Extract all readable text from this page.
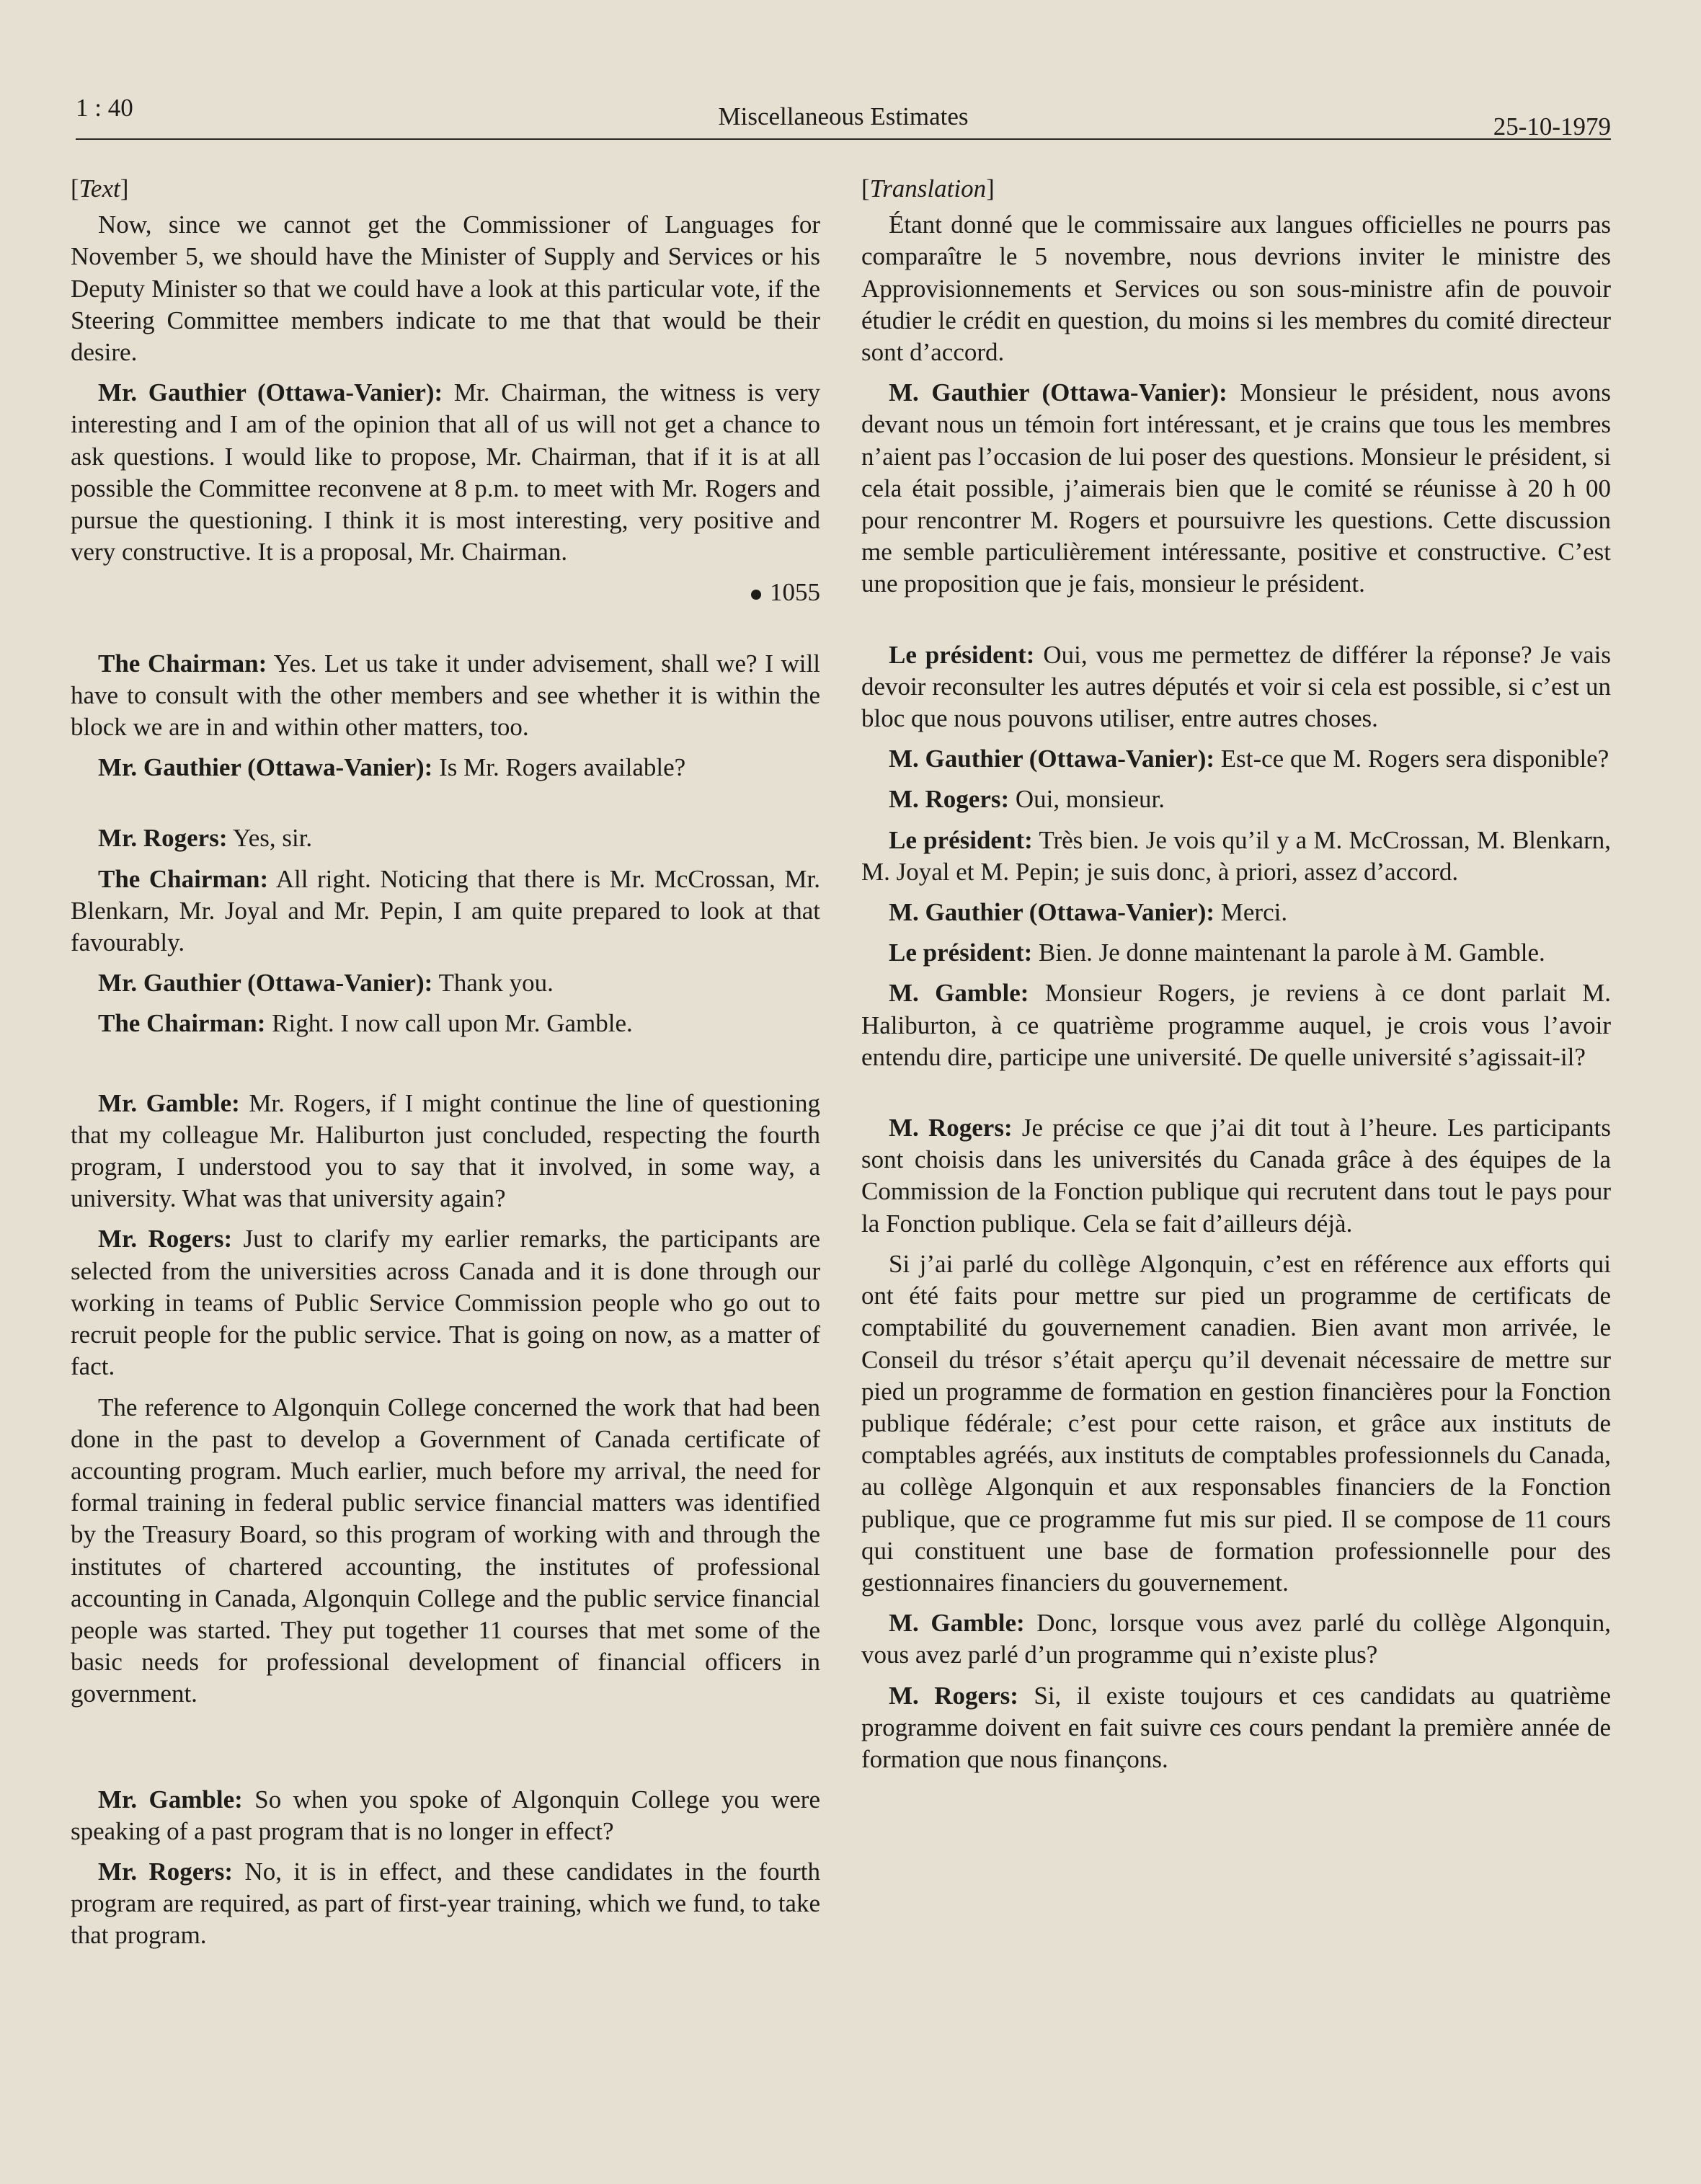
1 : 40	Miscellaneous Estimates	25-10-1979
[Text]

Now, since we cannot get the Commissioner of Languages for November 5, we should have the Minister of Supply and Services or his Deputy Minister so that we could have a look at this particular vote, if the Steering Committee members indicate to me that that would be their desire.

Mr. Gauthier (Ottawa-Vanier): Mr. Chairman, the witness is very interesting and I am of the opinion that all of us will not get a chance to ask questions. I would like to propose, Mr. Chairman, that if it is at all possible the Committee reconvene at 8 p.m. to meet with Mr. Rogers and pursue the questioning. I think it is most interesting, very positive and very constructive. It is a proposal, Mr. Chairman.

1055

The Chairman: Yes. Let us take it under advisement, shall we? I will have to consult with the other members and see whether it is within the block we are in and within other matters, too.

Mr. Gauthier (Ottawa-Vanier): Is Mr. Rogers available?

Mr. Rogers: Yes, sir.

The Chairman: All right. Noticing that there is Mr. McCrossan, Mr. Blenkarn, Mr. Joyal and Mr. Pepin, I am quite prepared to look at that favourably.

Mr. Gauthier (Ottawa-Vanier): Thank you.

The Chairman: Right. I now call upon Mr. Gamble.

Mr. Gamble: Mr. Rogers, if I might continue the line of questioning that my colleague Mr. Haliburton just concluded, respecting the fourth program, I understood you to say that it involved, in some way, a university. What was that university again?

Mr. Rogers: Just to clarify my earlier remarks, the participants are selected from the universities across Canada and it is done through our working in teams of Public Service Commission people who go out to recruit people for the public service. That is going on now, as a matter of fact.

The reference to Algonquin College concerned the work that had been done in the past to develop a Government of Canada certificate of accounting program. Much earlier, much before my arrival, the need for formal training in federal public service financial matters was identified by the Treasury Board, so this program of working with and through the institutes of chartered accounting, the institutes of professional accounting in Canada, Algonquin College and the public service financial people was started. They put together 11 courses that met some of the basic needs for professional development of financial officers in government.

Mr. Gamble: So when you spoke of Algonquin College you were speaking of a past program that is no longer in effect?

Mr. Rogers: No, it is in effect, and these candidates in the fourth program are required, as part of first-year training, which we fund, to take that program.

[Translation]

Étant donné que le commissaire aux langues officielles ne pourrs pas comparaître le 5 novembre, nous devrions inviter le ministre des Approvisionnements et Services ou son sous-ministre afin de pouvoir étudier le crédit en question, du moins si les membres du comité directeur sont d’accord.

M. Gauthier (Ottawa-Vanier): Monsieur le président, nous avons devant nous un témoin fort intéressant, et je crains que tous les membres n’aient pas l’occasion de lui poser des questions. Monsieur le président, si cela était possible, j’aimerais bien que le comité se réunisse à 20 h 00 pour rencontrer M. Rogers et poursuivre les questions. Cette discussion me semble particulièrement intéressante, positive et constructive. C’est une proposition que je fais, monsieur le président.

Le président: Oui, vous me permettez de différer la réponse? Je vais devoir reconsulter les autres députés et voir si cela est possible, si c’est un bloc que nous pouvons utiliser, entre autres choses.

M. Gauthier (Ottawa-Vanier): Est-ce que M. Rogers sera disponible?

M. Rogers: Oui, monsieur.

Le président: Très bien. Je vois qu’il y a M. McCrossan, M. Blenkarn, M. Joyal et M. Pepin; je suis donc, à priori, assez d’accord.

M. Gauthier (Ottawa-Vanier): Merci.

Le président: Bien. Je donne maintenant la parole à M. Gamble.

M. Gamble: Monsieur Rogers, je reviens à ce dont parlait M. Haliburton, à ce quatrième programme auquel, je crois vous l’avoir entendu dire, participe une université. De quelle université s’agissait-il?

M. Rogers: Je précise ce que j’ai dit tout à l’heure. Les participants sont choisis dans les universités du Canada grâce à des équipes de la Commission de la Fonction publique qui recrutent dans tout le pays pour la Fonction publique. Cela se fait d’ailleurs déjà.

Si j’ai parlé du collège Algonquin, c’est en référence aux efforts qui ont été faits pour mettre sur pied un programme de certificats de comptabilité du gouvernement canadien. Bien avant mon arrivée, le Conseil du trésor s’était aperçu qu’il devenait nécessaire de mettre sur pied un programme de formation en gestion financières pour la Fonction publique fédérale; c’est pour cette raison, et grâce aux instituts de comptables agréés, aux instituts de comptables professionnels du Canada, au collège Algonquin et aux responsables financiers de la Fonction publique, que ce programme fut mis sur pied. Il se compose de 11 cours qui constituent une base de formation professionnelle pour des gestionnaires financiers du gouvernement.

M. Gamble: Donc, lorsque vous avez parlé du collège Algonquin, vous avez parlé d’un programme qui n’existe plus?

M. Rogers: Si, il existe toujours et ces candidats au quatrième programme doivent en fait suivre ces cours pendant la première année de formation que nous finançons.
